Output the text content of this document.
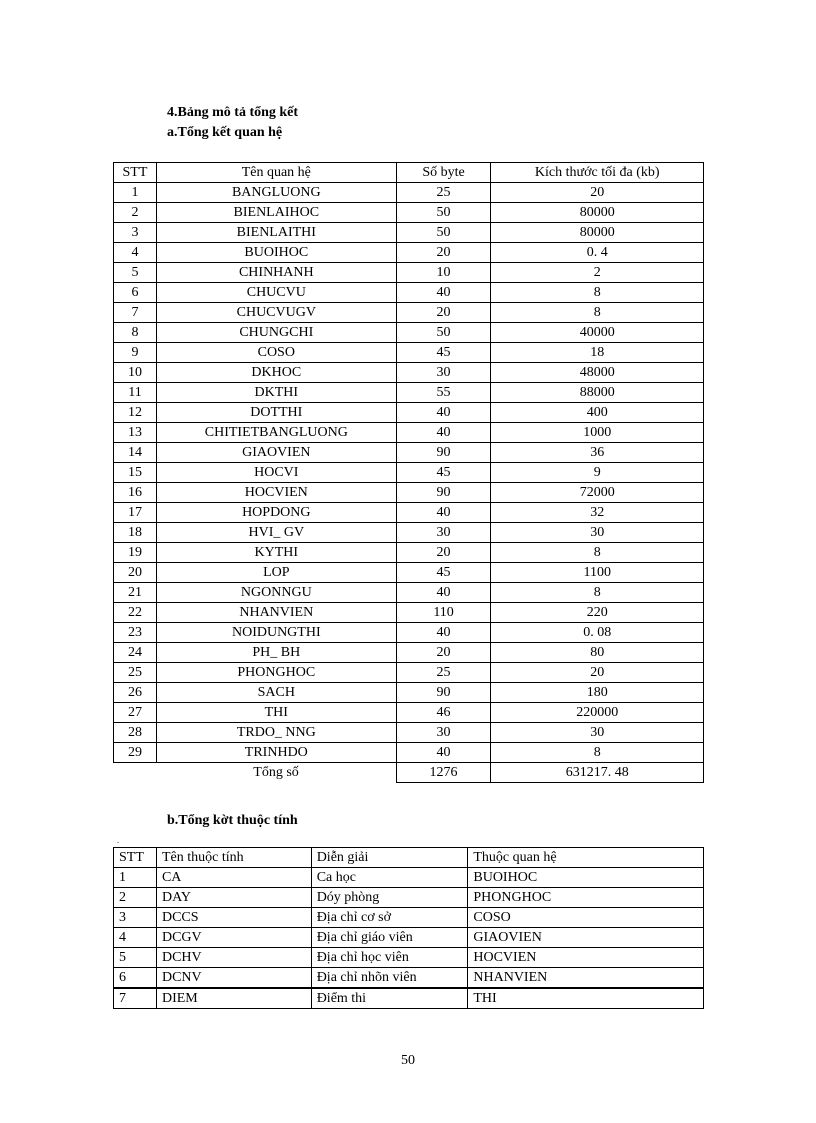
4.Bảng mô tả tổng kết

a.Tổng kết quan hệ

STT	Tên quan hệ	Số byte	Kích thước tối đa (kb)
1	BANGLUONG	25	20
2	BIENLAIHOC	50	80000
3	BIENLAITHI	50	80000
4	BUOIHOC	20	0. 4
5	CHINHANH	10	2
6	CHUCVU	40	8
7	CHUCVUGV	20	8
8	CHUNGCHI	50	40000
9	COSO	45	18
10	DKHOC	30	48000
11	DKTHI	55	88000
12	DOTTHI	40	400
13	CHITIETBANGLUONG	40	1000
14	GIAOVIEN	90	36
15	HOCVI	45	9
16	HOCVIEN	90	72000
17	HOPDONG	40	32
18	HVI_ GV	30	30
19	KYTHI	20	8
20	LOP	45	1100
21	NGONNGU	40	8
22	NHANVIEN	110	220
23	NOIDUNGTHI	40	0. 08
24	PH_ BH	20	80
25	PHONGHOC	25	20
26	SACH	90	180
27	THI	46	220000
28	TRDO_ NNG	30	30
29	TRINHDO	40	8
	Tổng số	1276	631217. 48

b.Tổng kờt thuộc tính

.
STT	Tên thuộc tính	Diễn giải	Thuộc quan hệ
1	CA	Ca học	BUOIHOC
2	DAY	Dóy phòng	PHONGHOC
3	DCCS	Địa chỉ cơ sở	COSO
4	DCGV	Địa chỉ giáo viên	GIAOVIEN
5	DCHV	Địa chỉ học viên	HOCVIEN
6	DCNV	Địa chỉ nhõn viên	NHANVIEN
7	DIEM	Điểm thi	THI
50
